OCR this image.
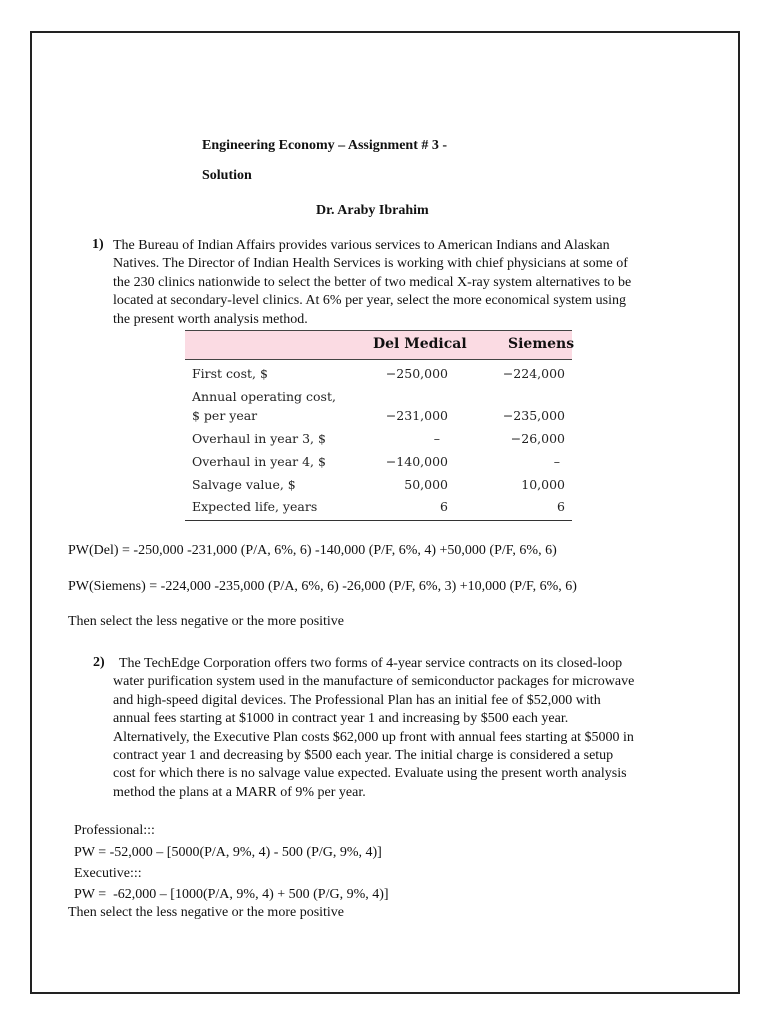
Engineering Economy – Assignment # 3 -
Solution
Dr. Araby Ibrahim
1) The Bureau of Indian Affairs provides various services to American Indians and Alaskan
Natives. The Director of Indian Health Services is working with chief physicians at some of
the 230 clinics nationwide to select the better of two medical X-ray system alternatives to be
located at secondary-level clinics. At 6% per year, select the more economical system using
the present worth analysis method.
Del Medical	Siemens
First cost, $	−250,000	−224,000
Annual operating cost,
$ per year	−231,000	−235,000
Overhaul in year 3, $	–	−26,000
Overhaul in year 4, $	−140,000	–
Salvage value, $	50,000	10,000
Expected life, years	6	6
PW(Del) = -250,000 -231,000 (P/A, 6%, 6) -140,000 (P/F, 6%, 4) +50,000 (P/F, 6%, 6)
PW(Siemens) = -224,000 -235,000 (P/A, 6%, 6) -26,000 (P/F, 6%, 3) +10,000 (P/F, 6%, 6)
Then select the less negative or the more positive
2)	The TechEdge Corporation offers two forms of 4-year service contracts on its closed-loop
water purification system used in the manufacture of semiconductor packages for microwave
and high-speed digital devices. The Professional Plan has an initial fee of $52,000 with
annual fees starting at $1000 in contract year 1 and increasing by $500 each year.
Alternatively, the Executive Plan costs $62,000 up front with annual fees starting at $5000 in
contract year 1 and decreasing by $500 each year. The initial charge is considered a setup
cost for which there is no salvage value expected. Evaluate using the present worth analysis
method the plans at a MARR of 9% per year.
Professional:::
PW = -52,000 – [5000(P/A, 9%, 4) - 500 (P/G, 9%, 4)]
Executive:::
PW =  -62,000 – [1000(P/A, 9%, 4) + 500 (P/G, 9%, 4)]
Then select the less negative or the more positive
